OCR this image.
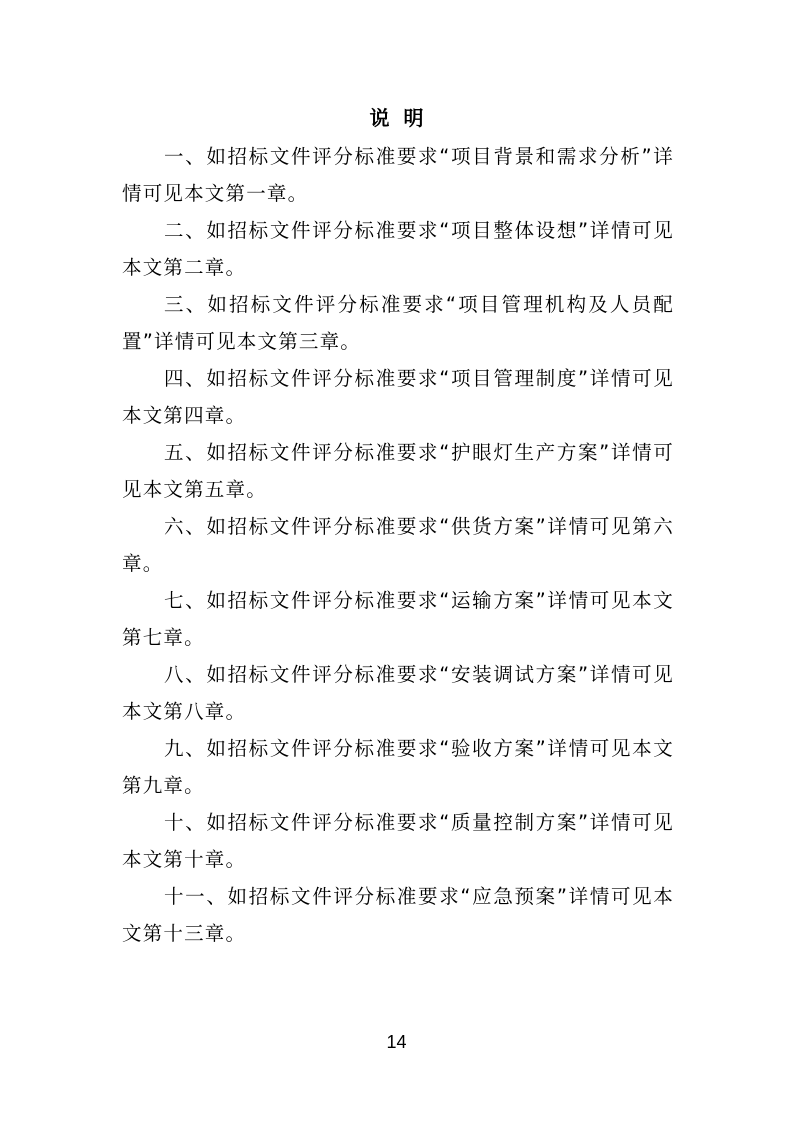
说明

一、如招标文件评分标准要求“项目背景和需求分析”详情可见本文第一章。

二、如招标文件评分标准要求“项目整体设想”详情可见本文第二章。

三、如招标文件评分标准要求“项目管理机构及人员配置”详情可见本文第三章。

四、如招标文件评分标准要求“项目管理制度”详情可见本文第四章。

五、如招标文件评分标准要求“护眼灯生产方案”详情可见本文第五章。

六、如招标文件评分标准要求“供货方案”详情可见第六章。

七、如招标文件评分标准要求“运输方案”详情可见本文第七章。

八、如招标文件评分标准要求“安装调试方案”详情可见本文第八章。

九、如招标文件评分标准要求“验收方案”详情可见本文第九章。

十、如招标文件评分标准要求“质量控制方案”详情可见本文第十章。

十一、如招标文件评分标准要求“应急预案”详情可见本文第十三章。

14
